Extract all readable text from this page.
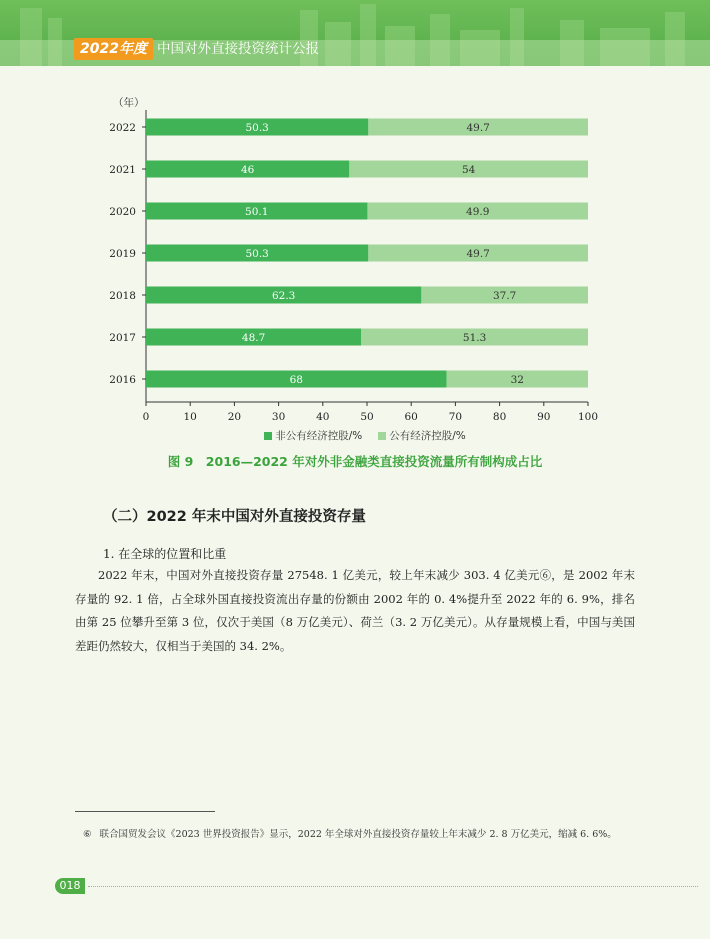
2022年度 中国对外直接投资统计公报
（年）
0	10	20	30	40	50	60	70	80	90	100
2022	50.3	49.7
2021	46	54
2020	50.1	49.9
2019	50.3	49.7
2018	62.3	37.7
2017	48.7	51.3
2016	68	32
非公有经济控股/%	公有经济控股/%
图 9　2016—2022 年对外非金融类直接投资流量所有制构成占比
（二）2022 年末中国对外直接投资存量
1. 在全球的位置和比重

2022 年末，中国对外直接投资存量 27548. 1 亿美元，较上年末减少 303. 4 亿美元⑥，是 2002 年末存量的 92. 1 倍，占全球外国直接投资流出存量的份额由 2002 年的 0. 4%提升至 2022 年的 6. 9%，排名由第 25 位攀升至第 3 位，仅次于美国（8 万亿美元）、荷兰（3. 2 万亿美元）。从存量规模上看，中国与美国差距仍然较大，仅相当于美国的 34. 2%。

⑥ 联合国贸发会议《2023 世界投资报告》显示，2022 年全球对外直接投资存量较上年末减少 2. 8 万亿美元，缩减 6. 6%。
018
